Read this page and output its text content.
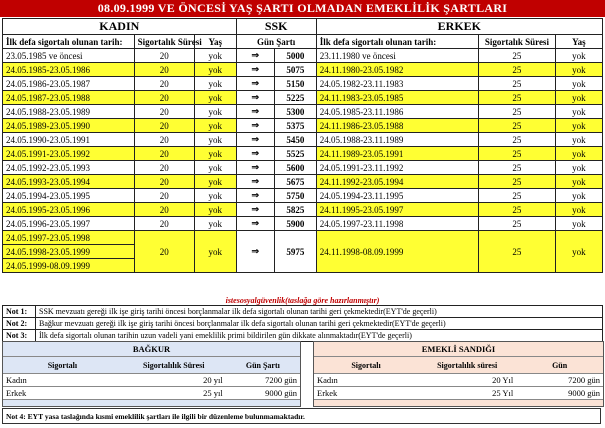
08.09.1999 VE ÖNCESİ YAŞ ŞARTI OLMADAN EMEKLİLİK ŞARTLARI
KADIN			SSK		ERKEK		
İlk defa sigortalı olunan tarih:	Sigortalık Süresi	Yaş	Gün Şartı		İlk defa sigortalı olunan tarih:	Sigortalık Süresi	Yaş
23.05.1985 ve öncesi	20	yok	⇒	5000	23.11.1980 ve öncesi	25	yok
24.05.1985-23.05.1986	20	yok	⇒	5075	24.11.1980-23.05.1982	25	yok
24.05.1986-23.05.1987	20	yok	⇒	5150	24.05.1982-23.11.1983	25	yok
24.05.1987-23.05.1988	20	yok	⇒	5225	24.11.1983-23.05.1985	25	yok
24.05.1988-23.05.1989	20	yok	⇒	5300	24.05.1985-23.11.1986	25	yok
24.05.1989-23.05.1990	20	yok	⇒	5375	24.11.1986-23.05.1988	25	yok
24.05.1990-23.05.1991	20	yok	⇒	5450	24.05.1988-23.11.1989	25	yok
24.05.1991-23.05.1992	20	yok	⇒	5525	24.11.1989-23.05.1991	25	yok
24.05.1992-23.05.1993	20	yok	⇒	5600	24.05.1991-23.11.1992	25	yok
24.05.1993-23.05.1994	20	yok	⇒	5675	24.11.1992-23.05.1994	25	yok
24.05.1994-23.05.1995	20	yok	⇒	5750	24.05.1994-23.11.1995	25	yok
24.05.1995-23.05.1996	20	yok	⇒	5825	24.11.1995-23.05.1997	25	yok
24.05.1996-23.05.1997	20	yok	⇒	5900	24.05.1997-23.11.1998	25	yok
24.05.1997-23.05.1998	20	yok	⇒	5975	24.11.1998-08.09.1999	25	yok
24.05.1998-23.05.1999							
24.05.1999-08.09.1999							
istesosyalgüvenlik(taslağa göre hazırlanmıştır)
Not 1:	SSK mevzuatı gereği ilk işe giriş tarihi öncesi borçlanmalar ilk defa sigortalı olunan tarihi geri çekmektedir(EYT'de geçerli)
Not 2:	Bağkur mevzuatı gereği ilk işe giriş tarihi öncesi borçlanmalar ilk defa sigortalı olunan tarihi geri çekmektedir(EYT'de geçerli)
Not 3:	İlk defa sigortalı olunan tarihin uzun vadeli yani emeklilik primi bildirilen gün dikkate alınmaktadır(EYT'de geçerli)
BAĞKUR		
Sigortalı	Sigortalılık Süresi	Gün Şartı
Kadın	20 yıl	7200 gün
Erkek	25 yıl	9000 gün
EMEKLİ SANDIĞI		
Sigortalı	Sigortalılık süresi	Gün
Kadın	20 Yıl	7200 gün
Erkek	25 Yıl	9000 gün
Not 4: EYT yasa taslağında kısmi emeklilik şartları ile ilgili bir düzenleme bulunmamaktadır.
